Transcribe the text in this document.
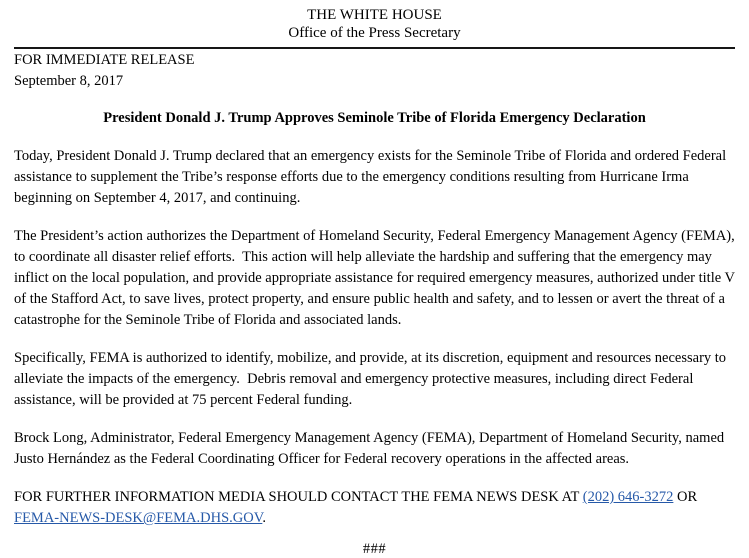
THE WHITE HOUSE
Office of the Press Secretary
FOR IMMEDIATE RELEASE
September 8, 2017
President Donald J. Trump Approves Seminole Tribe of Florida Emergency Declaration

Today, President Donald J. Trump declared that an emergency exists for the Seminole Tribe of Florida and ordered Federal assistance to supplement the Tribe’s response efforts due to the emergency conditions resulting from Hurricane Irma beginning on September 4, 2017, and continuing.

The President’s action authorizes the Department of Homeland Security, Federal Emergency Management Agency (FEMA), to coordinate all disaster relief efforts.  This action will help alleviate the hardship and suffering that the emergency may inflict on the local population, and provide appropriate assistance for required emergency measures, authorized under title V of the Stafford Act, to save lives, protect property, and ensure public health and safety, and to lessen or avert the threat of a catastrophe for the Seminole Tribe of Florida and associated lands.

Specifically, FEMA is authorized to identify, mobilize, and provide, at its discretion, equipment and resources necessary to alleviate the impacts of the emergency.  Debris removal and emergency protective measures, including direct Federal assistance, will be provided at 75 percent Federal funding.

Brock Long, Administrator, Federal Emergency Management Agency (FEMA), Department of Homeland Security, named Justo Hernández as the Federal Coordinating Officer for Federal recovery operations in the affected areas.

FOR FURTHER INFORMATION MEDIA SHOULD CONTACT THE FEMA NEWS DESK AT (202) 646-3272 OR FEMA-NEWS-DESK@FEMA.DHS.GOV.

###
